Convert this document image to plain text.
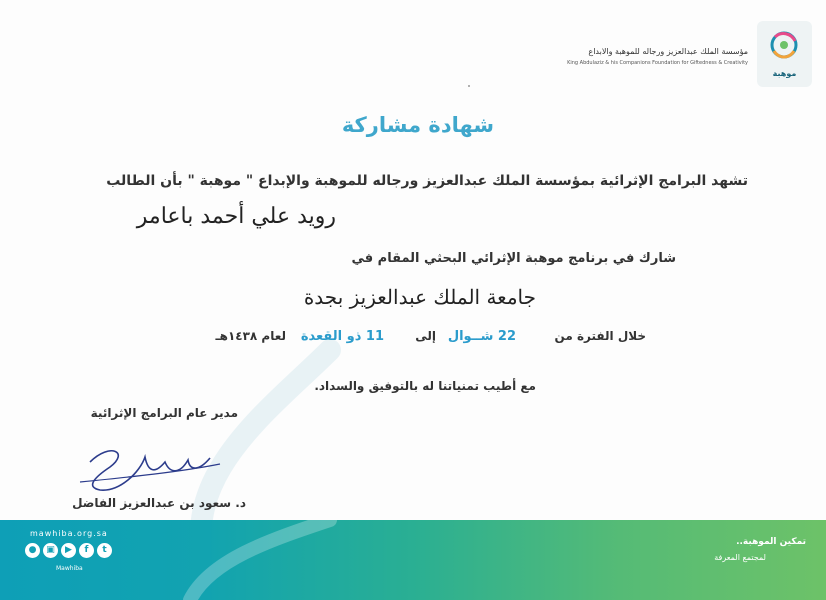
موهبة
مؤسسة الملك عبدالعزيز ورجاله للموهبة والابداع
King Abdulaziz & his Companions Foundation for Giftedness & Creativity
شهادة مشاركة
تشهد البرامج الإثرائية بمؤسسة الملك عبدالعزيز ورجاله للموهبة والإبداع " موهبة " بأن الطالب
رويد علي أحمد باعامر
شارك في برنامج موهبة الإثرائي البحثي المقام في
جامعة الملك عبدالعزيز بجدة
خلال الفترة من
22 شــوال
إلى
11 ذو القعدة
لعام ١٤٣٨هـ
مع أطيب تمنياتنا له بالتوفيق والسداد.
مدير عام البرامج الإثرائية
د. سعود بن عبدالعزيز الفاضل
mawhiba.org.sa
●	▣	▶	f	t
Mawhiba
تمكين الموهبة..
لمجتمع المعرفة
